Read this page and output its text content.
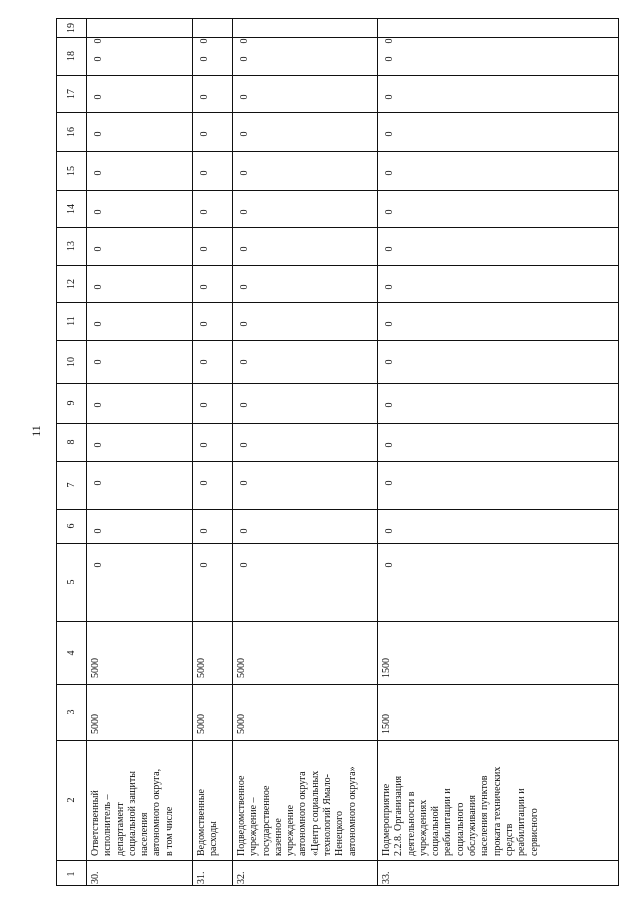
11
1
2
3
4
5
6
7
8
9
10
11
12
13
14
15
16
17
18
19
30.
Ответственный исполнитель – департамент социальной защиты населения автономного округа, в том числе
5000
5000
0
0
0
0
0
0
0
0
0
0
0
0
0
0
0
31.
Ведомственные расходы
5000
5000
0
0
0
0
0
0
0
0
0
0
0
0
0
0
0
32.
Подведомственное учреждение – государственное казенное учреждение автономного округа «Центр социальных технологий Ямало- Ненецкого автономного округа»
5000
5000
0
0
0
0
0
0
0
0
0
0
0
0
0
0
0
33.
Подмероприятие 2.2.8. Организация деятельности в учреждениях социальной реабилитации и социального обслуживания населения пунктов проката технических средств реабилитации и сервисного
1500
1500
0
0
0
0
0
0
0
0
0
0
0
0
0
0
0
